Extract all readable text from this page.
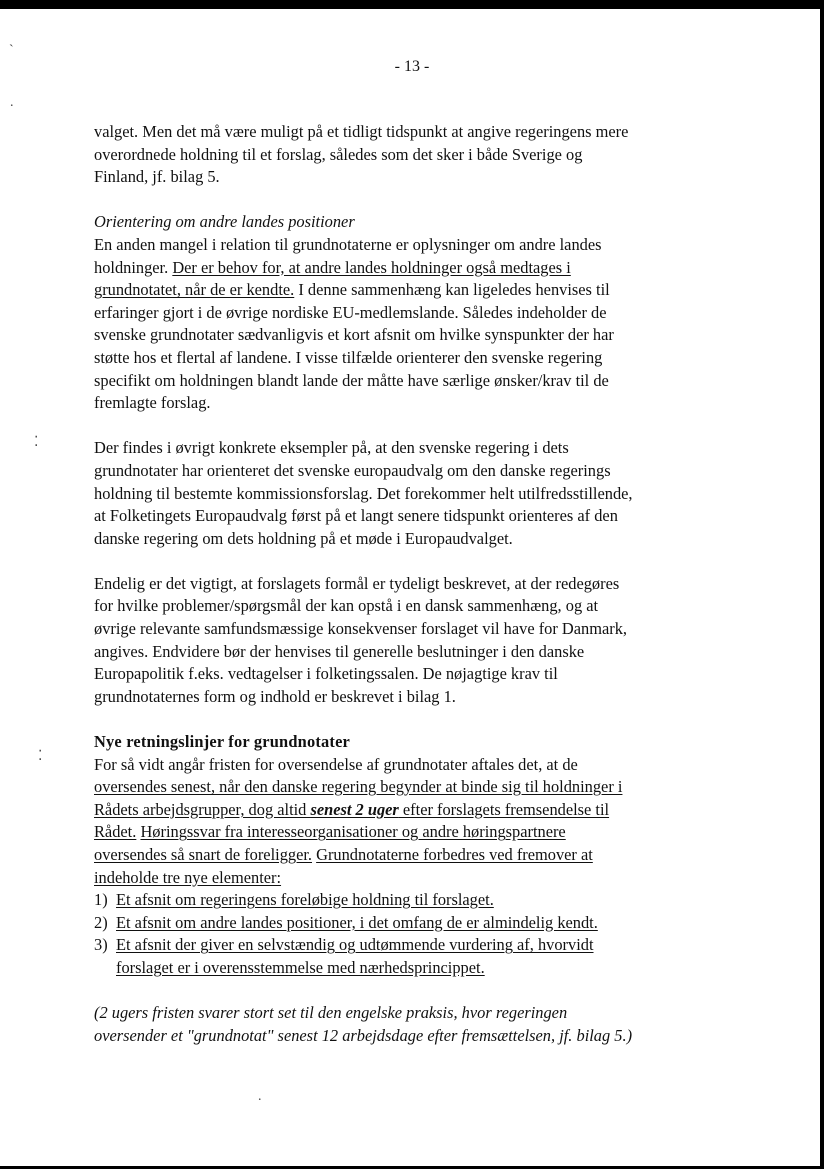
ˋ
.
⁚
⁚
.
- 13 -

valget. Men det må være muligt på et tidligt tidspunkt at angive regeringens mere overordnede holdning til et forslag, således som det sker i både Sverige og Finland, jf. bilag 5.

Orientering om andre landes positioner

En anden mangel i relation til grundnotaterne er oplysninger om andre landes holdninger. Der er behov for, at andre landes holdninger også medtages i grundnotatet, når de er kendte. I denne sammenhæng kan ligeledes henvises til erfaringer gjort i de øvrige nordiske EU-medlemslande. Således indeholder de svenske grundnotater sædvanligvis et kort afsnit om hvilke synspunkter der har støtte hos et flertal af landene. I visse tilfælde orienterer den svenske regering specifikt om holdningen blandt lande der måtte have særlige ønsker/krav til de fremlagte forslag.

Der findes i øvrigt konkrete eksempler på, at den svenske regering i dets grundnotater har orienteret det svenske europaudvalg om den danske regerings holdning til bestemte kommissionsforslag. Det forekommer helt utilfredsstillende, at Folketingets Europaudvalg først på et langt senere tidspunkt orienteres af den danske regering om dets holdning på et møde i Europaudvalget.

Endelig er det vigtigt, at forslagets formål er tydeligt beskrevet, at der redegøres for hvilke problemer/spørgsmål der kan opstå i en dansk sammenhæng, og at øvrige relevante samfundsmæssige konsekvenser forslaget vil have for Danmark, angives. Endvidere bør der henvises til generelle beslutninger i den danske Europapolitik f.eks. vedtagelser i folketingssalen. De nøjagtige krav til grundnotaternes form og indhold er beskrevet i bilag 1.

Nye retningslinjer for grundnotater

For så vidt angår fristen for oversendelse af grundnotater aftales det, at de oversendes senest, når den danske regering begynder at binde sig til holdninger i Rådets arbejdsgrupper, dog altid senest 2 uger efter forslagets fremsendelse til Rådet. Høringssvar fra interesseorganisationer og andre høringspartnere oversendes så snart de foreligger. Grundnotaterne forbedres ved fremover at indeholde tre nye elementer:

1) Et afsnit om regeringens foreløbige holdning til forslaget.
2) Et afsnit om andre landes positioner, i det omfang de er almindelig kendt.
3) Et afsnit der giver en selvstændig og udtømmende vurdering af, hvorvidt forslaget er i overensstemmelse med nærhedsprincippet.

(2 ugers fristen svarer stort set til den engelske praksis, hvor regeringen oversender et "grundnotat" senest 12 arbejdsdage efter fremsættelsen, jf. bilag 5.)
